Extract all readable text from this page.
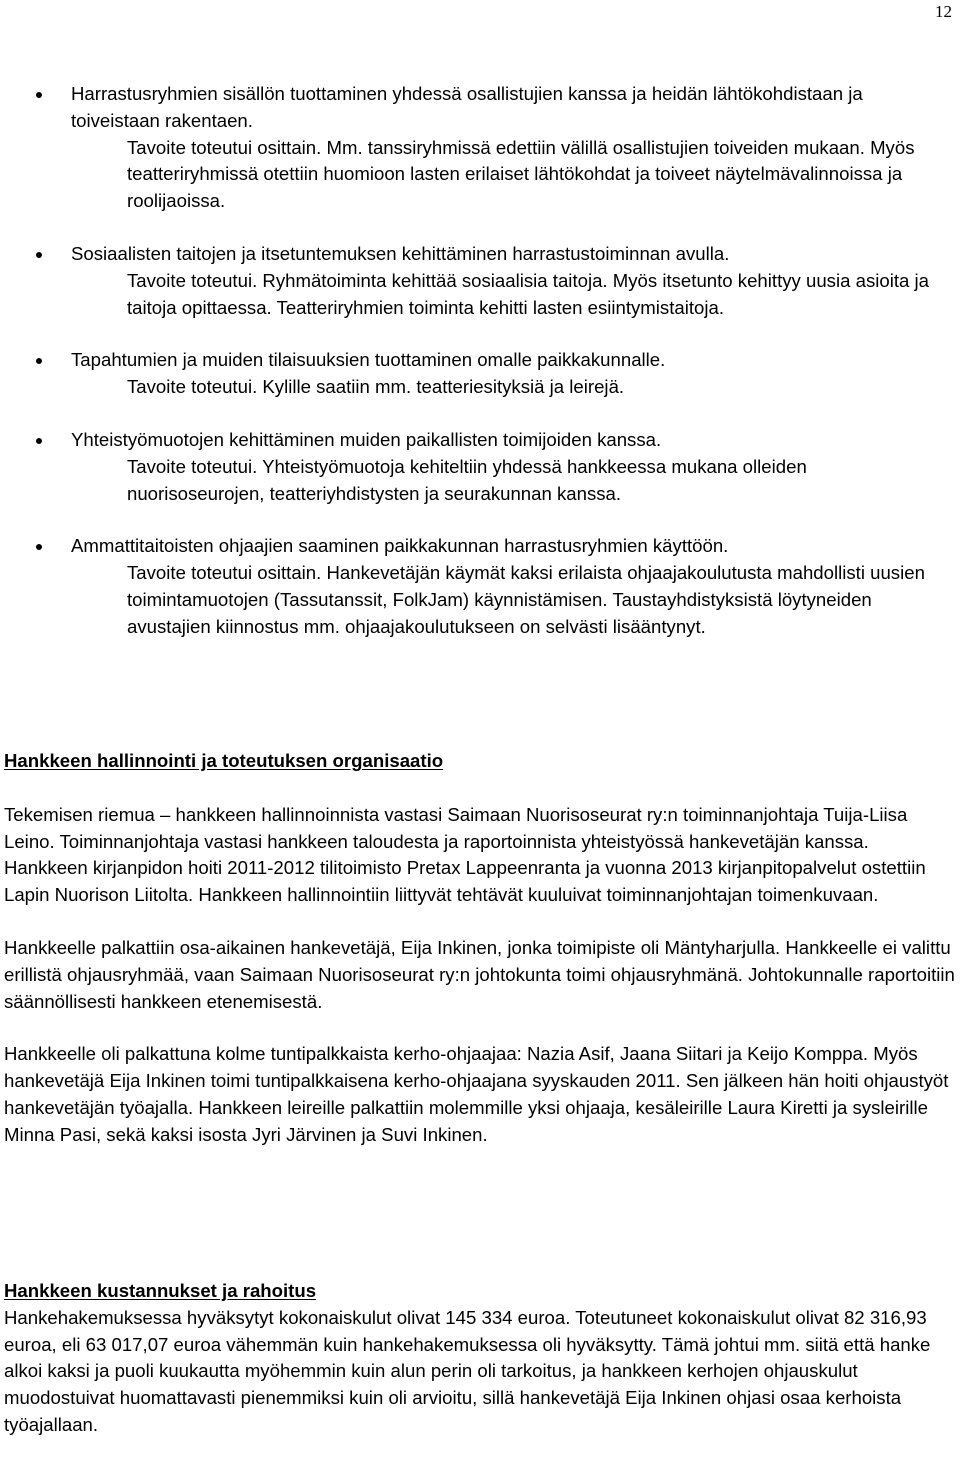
12
Harrastusryhmien sisällön tuottaminen yhdessä osallistujien kanssa ja heidän lähtökohdistaan ja toiveistaan rakentaen.
Tavoite toteutui osittain. Mm. tanssiryhmissä edettiin välillä osallistujien toiveiden mukaan. Myös teatteriryhmissä otettiin huomioon lasten erilaiset lähtökohdat ja toiveet näytelmävalinnoissa ja roolijaoissa.
Sosiaalisten taitojen ja itsetuntemuksen kehittäminen harrastustoiminnan avulla.
Tavoite toteutui. Ryhmätoiminta kehittää sosiaalisia taitoja. Myös itsetunto kehittyy uusia asioita ja taitoja opittaessa. Teatteriryhmien toiminta kehitti lasten esiintymistaitoja.
Tapahtumien ja muiden tilaisuuksien tuottaminen omalle paikkakunnalle.
Tavoite toteutui. Kylille saatiin mm. teatteriesityksiä ja leirejä.
Yhteistyömuotojen kehittäminen muiden paikallisten toimijoiden kanssa.
Tavoite toteutui. Yhteistyömuotoja kehiteltiin yhdessä hankkeessa mukana olleiden nuorisoseurojen, teatteriyhdistysten ja seurakunnan kanssa.
Ammattitaitoisten ohjaajien saaminen paikkakunnan harrastusryhmien käyttöön.
Tavoite toteutui osittain. Hankevetäjän käymät kaksi erilaista ohjaajakoulutusta mahdollisti uusien toimintamuotojen (Tassutanssit, FolkJam) käynnistämisen. Taustayhdistyksistä löytyneiden avustajien kiinnostus mm. ohjaajakoulutukseen on selvästi lisääntynyt.
Hankkeen hallinnointi ja toteutuksen organisaatio

Tekemisen riemua – hankkeen hallinnoinnista vastasi Saimaan Nuorisoseurat ry:n toiminnanjohtaja Tuija-Liisa Leino. Toiminnanjohtaja vastasi hankkeen taloudesta ja raportoinnista yhteistyössä hankevetäjän kanssa. Hankkeen kirjanpidon hoiti 2011-2012 tilitoimisto Pretax Lappeenranta ja vuonna 2013 kirjanpitopalvelut ostettiin Lapin Nuorison Liitolta. Hankkeen hallinnointiin liittyvät tehtävät kuuluivat toiminnanjohtajan toimenkuvaan.

Hankkeelle palkattiin osa-aikainen hankevetäjä, Eija Inkinen, jonka toimipiste oli Mäntyharjulla. Hankkeelle ei valittu erillistä ohjausryhmää, vaan Saimaan Nuorisoseurat ry:n johtokunta toimi ohjausryhmänä. Johtokunnalle raportoitiin säännöllisesti hankkeen etenemisestä.

Hankkeelle oli palkattuna kolme tuntipalkkaista kerho-ohjaajaa: Nazia Asif, Jaana Siitari ja Keijo Komppa. Myös hankevetäjä Eija Inkinen toimi tuntipalkkaisena kerho-ohjaajana syyskauden 2011. Sen jälkeen hän hoiti ohjaustyöt hankevetäjän työajalla. Hankkeen leireille palkattiin molemmille yksi ohjaaja, kesäleirille Laura Kiretti ja sysleirille Minna Pasi, sekä kaksi isosta Jyri Järvinen ja Suvi Inkinen.

Hankkeen kustannukset ja rahoitus

Hankehakemuksessa hyväksytyt kokonaiskulut olivat 145 334 euroa. Toteutuneet kokonaiskulut olivat 82 316,93 euroa, eli 63 017,07 euroa vähemmän kuin hankehakemuksessa oli hyväksytty. Tämä johtui mm. siitä että hanke alkoi kaksi ja puoli kuukautta myöhemmin kuin alun perin oli tarkoitus, ja hankkeen kerhojen ohjauskulut muodostuivat huomattavasti pienemmiksi kuin oli arvioitu, sillä hankevetäjä Eija Inkinen ohjasi osaa kerhoista työajallaan.
